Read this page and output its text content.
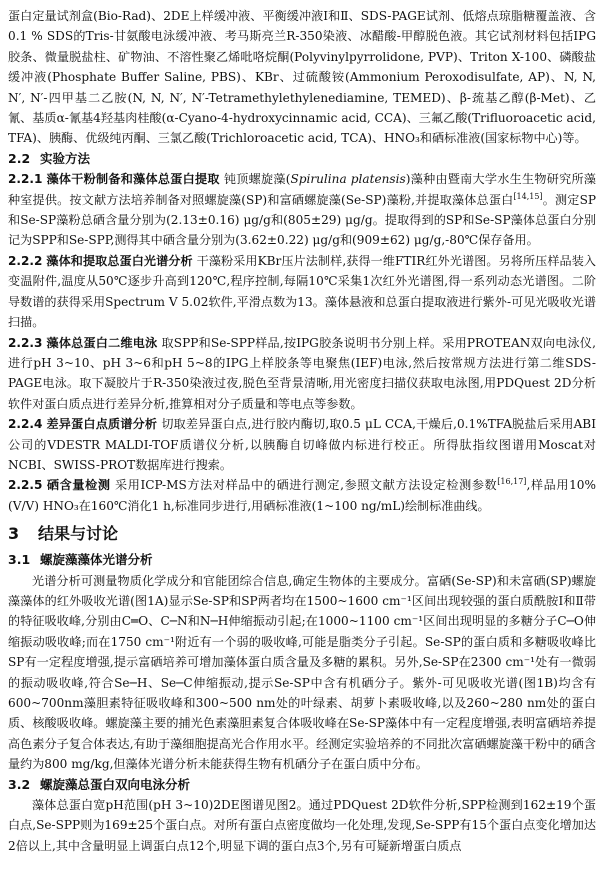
蛋白定量试剂盒(Bio-Rad)、2DE上样缓冲液、平衡缓冲液Ⅰ和Ⅱ、SDS-PAGE试剂、低熔点琼脂糖覆盖液、含0.1 % SDS的Tris-甘氨酸电泳缓冲液、考马斯亮兰R-350染液、冰醋酸-甲醇脱色液。其它试剂材料包括IPG胶条、微量脱盐柱、矿物油、不溶性聚乙烯吡咯烷酮(Polyvinylpyrrolidone, PVP)、Triton X-100、磷酸盐缓冲液(Phosphate Buffer Saline, PBS)、KBr、过硫酸铵(Ammonium Peroxodisulfate, AP)、N, N, N′, N′-四甲基二乙胺(N, N, N′, N′-Tetramethylethylenediamine, TEMED)、β-巯基乙醇(β-Met)、乙氰、基质α-氰基4羟基肉桂酸(α-Cyano-4-hydroxycinnamic acid, CCA)、三氟乙酸(Trifluoroacetic acid, TFA)、胰酶、优级纯丙酮、三氯乙酸(Trichloroacetic acid, TCA)、HNO₃和硒标准液(国家标物中心)等。

2.2 实验方法

2.2.1 藻体干粉制备和藻体总蛋白提取 钝顶螺旋藻(Spirulina platensis)藻种由暨南大学水生生物研究所藻种室提供。按文献方法培养制备对照螺旋藻(SP)和富硒螺旋藻(Se-SP)藻粉,并提取藻体总蛋白[14,15]。测定SP和Se-SP藻粉总硒含量分别为(2.13±0.16) μg/g和(805±29) μg/g。提取得到的SP和Se-SP藻体总蛋白分别记为SPP和Se-SPP,测得其中硒含量分别为(3.62±0.22) μg/g和(909±62) μg/g,-80℃保存备用。

2.2.2 藻体和提取总蛋白光谱分析 干藻粉采用KBr压片法制样,获得一维FTIR红外光谱图。另将所压样品装入变温附件,温度从50℃逐步升高到120℃,程序控制,每隔10℃采集1次红外光谱图,得一系列动态光谱图。二阶导数谱的获得采用Spectrum V 5.02软件,平滑点数为13。藻体悬液和总蛋白提取液进行紫外-可见光吸收光谱扫描。

2.2.3 藻体总蛋白二维电泳 取SPP和Se-SPP样品,按IPG胶条说明书分别上样。采用PROTEAN双向电泳仪,进行pH 3~10、pH 3~6和pH 5~8的IPG上样胶条等电聚焦(IEF)电泳,然后按常规方法进行第二维SDS-PAGE电泳。取下凝胶片于R-350染液过夜,脱色至背景清晰,用光密度扫描仪获取电泳图,用PDQuest 2D分析软件对蛋白质点进行差异分析,推算相对分子质量和等电点等参数。

2.2.4 差异蛋白点质谱分析 切取差异蛋白点,进行胶内酶切,取0.5 μL CCA,干燥后,0.1%TFA脱盐后采用ABI公司的VDESTR MALDI-TOF质谱仪分析,以胰酶自切峰做内标进行校正。所得肽指纹图谱用Moscat对NCBI、SWISS-PROT数据库进行搜索。

2.2.5 硒含量检测 采用ICP-MS方法对样品中的硒进行测定,参照文献方法设定检测参数[16,17],样品用10% (V/V) HNO₃在160℃消化1 h,标准同步进行,用硒标准液(1~100 ng/mL)绘制标准曲线。

3 结果与讨论
3.1 螺旋藻藻体光谱分析

光谱分析可测量物质化学成分和官能团综合信息,确定生物体的主要成分。富硒(Se-SP)和未富硒(SP)螺旋藻藻体的红外吸收光谱(图1A)显示Se-SP和SP两者均在1500~1600 cm⁻¹区间出现较强的蛋白质酰胺Ⅰ和Ⅱ带的特征吸收峰,分别由C═O、C─N和N─H伸缩振动引起;在1000~1100 cm⁻¹区间出现明显的多糖分子C─O伸缩振动吸收峰;而在1750 cm⁻¹附近有一个弱的吸收峰,可能是脂类分子引起。Se-SP的蛋白质和多糖吸收峰比SP有一定程度增强,提示富硒培养可增加藻体蛋白质含量及多糖的累积。另外,Se-SP在2300 cm⁻¹处有一微弱的振动吸收峰,符合Se─H、Se─C伸缩振动,提示Se-SP中含有机硒分子。紫外-可见吸收光谱(图1B)均含有600~700nm藻胆素特征吸收峰和300~500 nm处的叶绿素、胡萝卜素吸收峰,以及260~280 nm处的蛋白质、核酸吸收峰。螺旋藻主要的捕光色素藻胆素复合体吸收峰在Se-SP藻体中有一定程度增强,表明富硒培养提高色素分子复合体表达,有助于藻细胞提高光合作用水平。经测定实验培养的不同批次富硒螺旋藻干粉中的硒含量约为800 mg/kg,但藻体光谱分析未能获得生物有机硒分子在蛋白质中分布。

3.2 螺旋藻总蛋白双向电泳分析

藻体总蛋白宽pH范围(pH 3~10)2DE图谱见图2。通过PDQuest 2D软件分析,SPP检测到162±19个蛋白点,Se-SPP则为169±25个蛋白点。对所有蛋白点密度做均一化处理,发现,Se-SPP有15个蛋白点变化增加达2倍以上,其中含量明显上调蛋白点12个,明显下调的蛋白点3个,另有可疑新增蛋白质点
